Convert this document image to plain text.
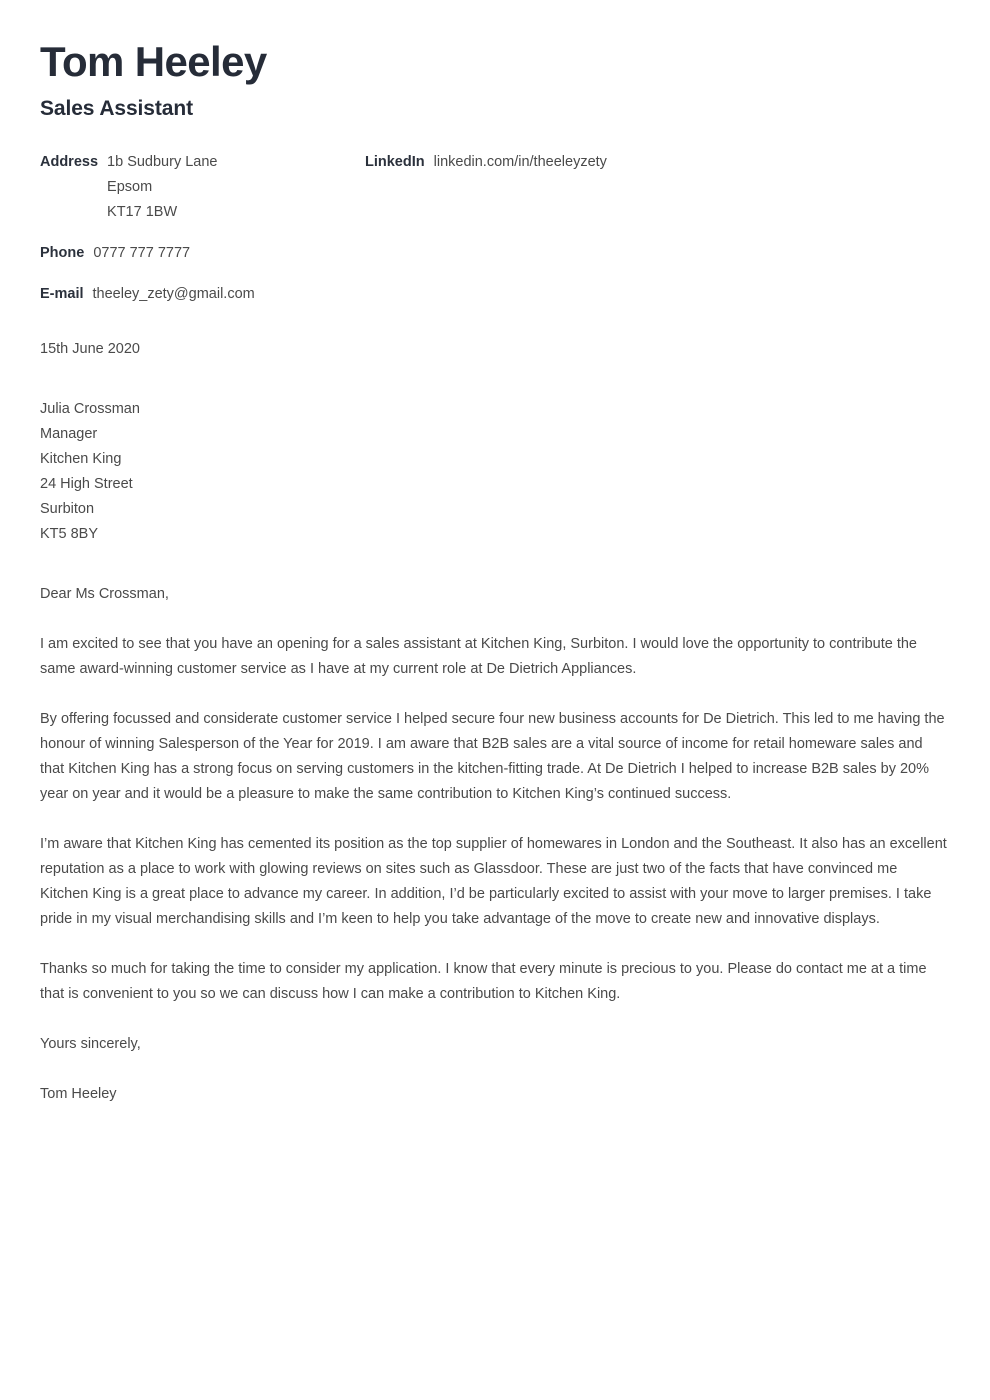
Tom Heeley
Sales Assistant
Address 1b Sudbury Lane
Epsom
KT17 1BW
Phone 0777 777 7777
E-mail theeley_zety@gmail.com
LinkedIn linkedin.com/in/theeleyzety
15th June 2020
Julia Crossman
Manager
Kitchen King
24 High Street
Surbiton
KT5 8BY
Dear Ms Crossman,

I am excited to see that you have an opening for a sales assistant at Kitchen King, Surbiton. I would love the opportunity to contribute the same award-winning customer service as I have at my current role at De Dietrich Appliances.

By offering focussed and considerate customer service I helped secure four new business accounts for De Dietrich. This led to me having the honour of winning Salesperson of the Year for 2019. I am aware that B2B sales are a vital source of income for retail homeware sales and that Kitchen King has a strong focus on serving customers in the kitchen-fitting trade. At De Dietrich I helped to increase B2B sales by 20% year on year and it would be a pleasure to make the same contribution to Kitchen King’s continued success.

I’m aware that Kitchen King has cemented its position as the top supplier of homewares in London and the Southeast. It also has an excellent reputation as a place to work with glowing reviews on sites such as Glassdoor. These are just two of the facts that have convinced me Kitchen King is a great place to advance my career. In addition, I’d be particularly excited to assist with your move to larger premises. I take pride in my visual merchandising skills and I’m keen to help you take advantage of the move to create new and innovative displays.

Thanks so much for taking the time to consider my application. I know that every minute is precious to you. Please do contact me at a time that is convenient to you so we can discuss how I can make a contribution to Kitchen King.

Yours sincerely,
Tom Heeley
